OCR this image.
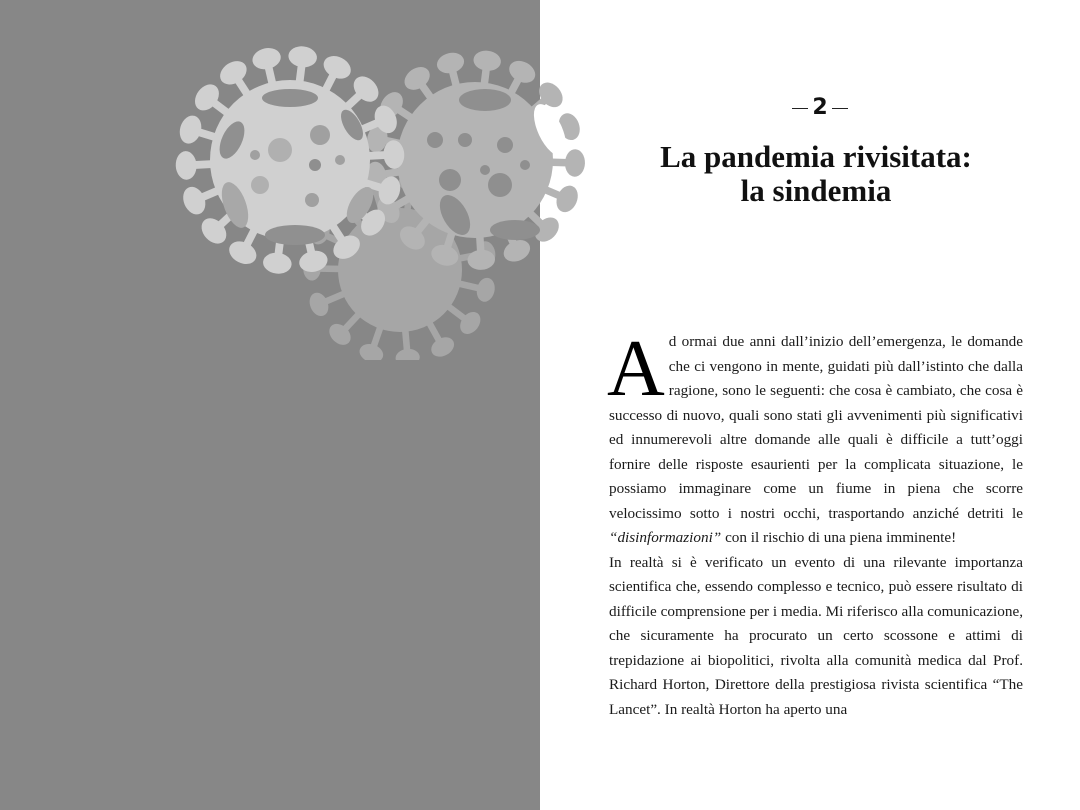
2
La pandemia rivisitata:
la sindemia

Ad ormai due anni dall’inizio dell’emergenza, le domande che ci vengono in mente, guidati più dall’istinto che dalla ragione, sono le seguenti: che cosa è cambiato, che cosa è successo di nuovo, quali sono stati gli avvenimenti più significativi ed innumerevoli altre domande alle quali è difficile a tutt’oggi fornire delle risposte esaurienti per la complicata situazione, le possiamo immaginare come un fiume in piena che scorre velocissimo sotto i nostri occhi, trasportando anziché detriti le “disinformazioni” con il rischio di una piena imminente!

In realtà si è verificato un evento di una rilevante importanza scientifica che, essendo complesso e tecnico, può essere risultato di difficile comprensione per i media. Mi riferisco alla comunicazione, che sicuramente ha procurato un certo scossone e attimi di trepidazione ai biopolitici, rivolta alla comunità medica dal Prof. Richard Horton, Direttore della prestigiosa rivista scientifica “The Lancet”. In realtà Horton ha aperto una
